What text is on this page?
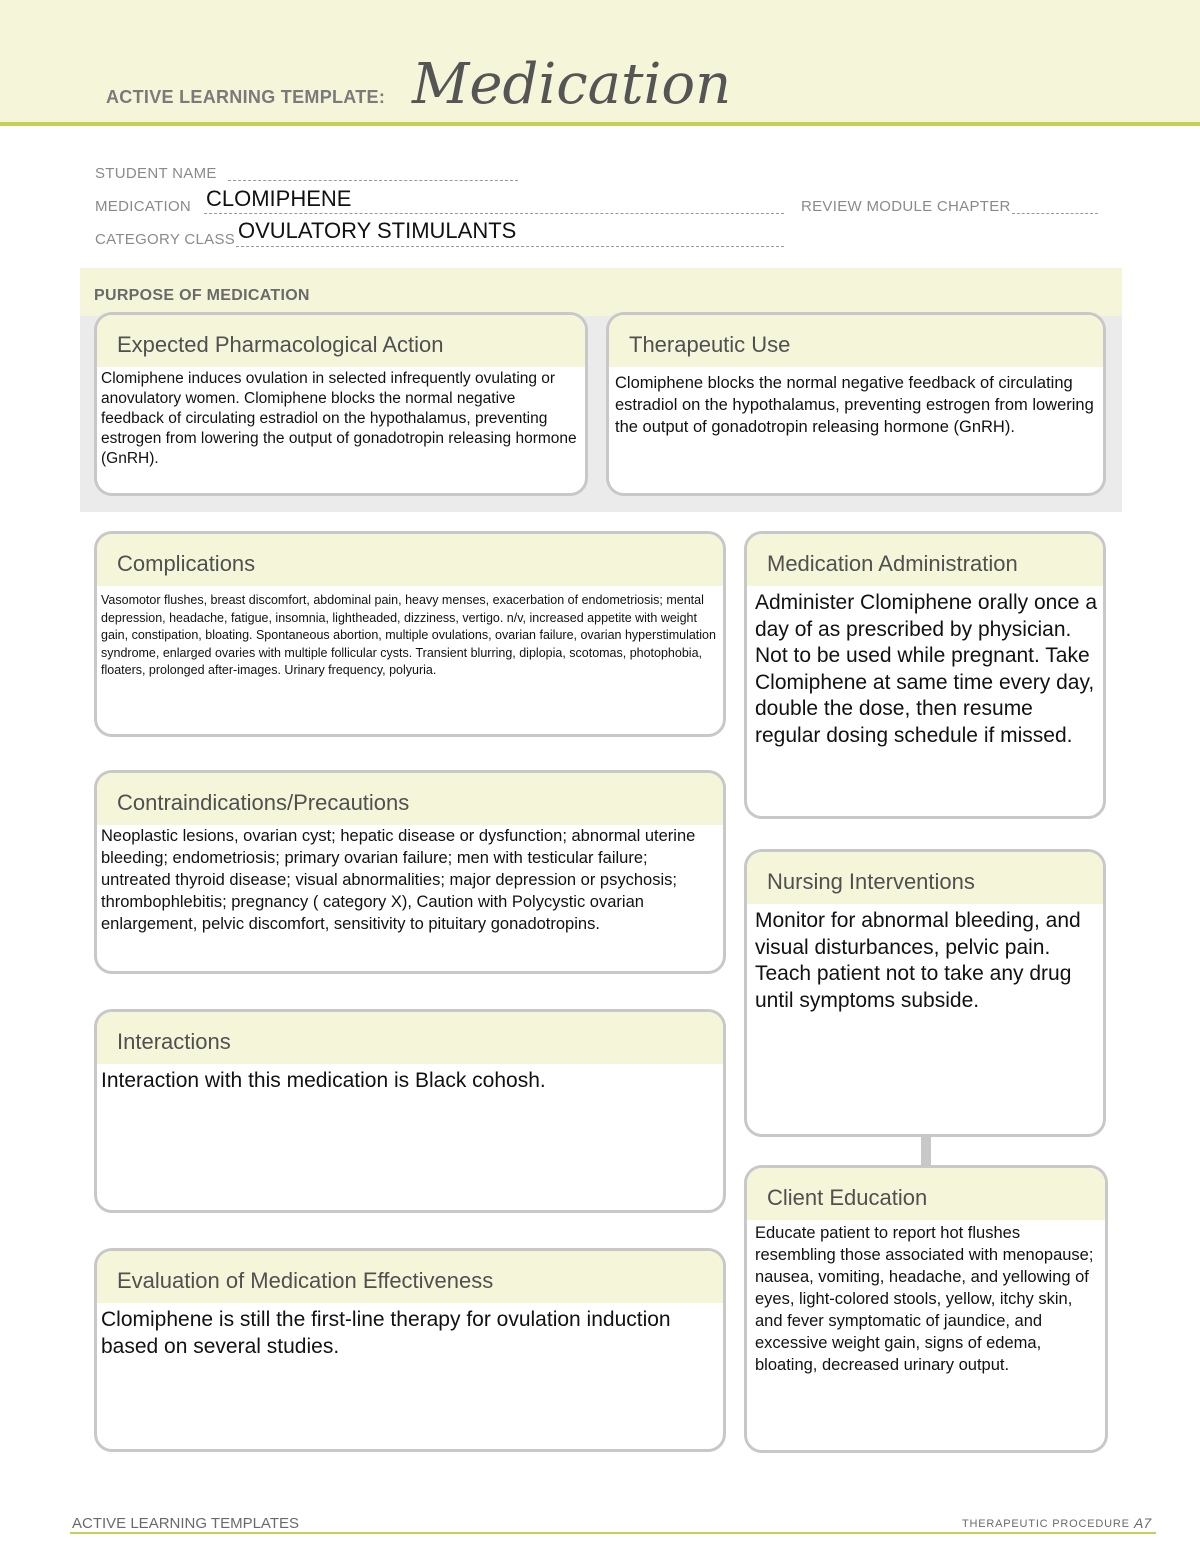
ACTIVE LEARNING TEMPLATE: Medication
STUDENT NAME
MEDICATION CLOMIPHENE	REVIEW MODULE CHAPTER
CATEGORY CLASS OVULATORY STIMULANTS
PURPOSE OF MEDICATION
Expected Pharmacological Action
Clomiphene induces ovulation in selected infrequently ovulating or anovulatory women. Clomiphene blocks the normal negative feedback of circulating estradiol on the hypothalamus, preventing estrogen from lowering the output of gonadotropin releasing hormone (GnRH).
Therapeutic Use
Clomiphene blocks the normal negative feedback of circulating estradiol on the hypothalamus, preventing estrogen from lowering the output of gonadotropin releasing hormone (GnRH).
Complications
Vasomotor flushes, breast discomfort, abdominal pain, heavy menses, exacerbation of endometriosis; mental depression, headache, fatigue, insomnia, lightheaded, dizziness, vertigo. n/v, increased appetite with weight gain, constipation, bloating. Spontaneous abortion, multiple ovulations, ovarian failure, ovarian hyperstimulation syndrome, enlarged ovaries with multiple follicular cysts. Transient blurring, diplopia, scotomas, photophobia, floaters, prolonged after-images. Urinary frequency, polyuria.
Contraindications/Precautions
Neoplastic lesions, ovarian cyst; hepatic disease or dysfunction; abnormal uterine bleeding; endometriosis; primary ovarian failure; men with testicular failure; untreated thyroid disease; visual abnormalities; major depression or psychosis; thrombophlebitis; pregnancy ( category X), Caution with Polycystic ovarian enlargement, pelvic discomfort, sensitivity to pituitary gonadotropins.
Interactions
Interaction with this medication is Black cohosh.
Evaluation of Medication Effectiveness
Clomiphene is still the first-line therapy for ovulation induction based on several studies.
Medication Administration
Administer Clomiphene orally once a day of as prescribed by physician. Not to be used while pregnant. Take Clomiphene at same time every day, double the dose, then resume regular dosing schedule if missed.
Nursing Interventions
Monitor for abnormal bleeding, and visual disturbances, pelvic pain. Teach patient not to take any drug until symptoms subside.
Client Education
Educate patient to report hot flushes resembling those associated with menopause; nausea, vomiting, headache, and yellowing of eyes, light-colored stools, yellow, itchy skin, and fever symptomatic of jaundice, and excessive weight gain, signs of edema, bloating, decreased urinary output.
ACTIVE LEARNING TEMPLATES	THERAPEUTIC PROCEDURE A7
